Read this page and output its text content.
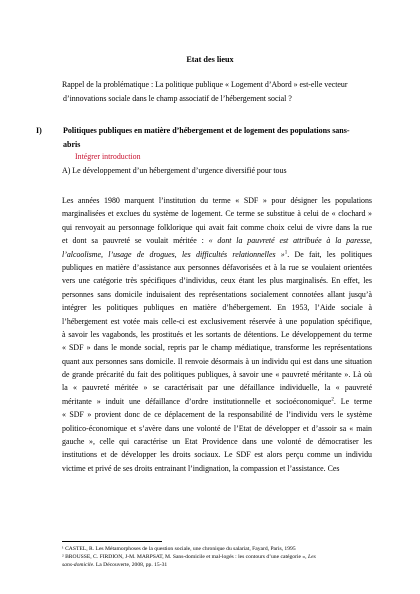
Etat des lieux
Rappel de la problématique : La politique publique « Logement d’Abord » est-elle vecteur
d’innovations sociale dans le champ associatif de l’hébergement social ?
I)	Politiques publiques en matière d’hébergement et de logement des populations sans-
abris
Intégrer introduction
A) Le développement d’un hébergement d’urgence diversifié pour tous
Les années 1980 marquent l’institution du terme « SDF » pour désigner les populations
marginalisées et exclues du système de logement. Ce terme se substitue à celui de « clochard »
qui renvoyait au personnage folklorique qui avait fait comme choix celui de vivre dans la rue
et dont sa pauvreté se voulait méritée : « dont la pauvreté est attribuée à la paresse,
l’alcoolisme, l’usage de drogues, les difficultés relationnelles »$^1$. De fait, les politiques
publiques en matière d’assistance aux personnes défavorisées et à la rue se voulaient orientées
vers une catégorie très spécifiques d’individus, ceux étant les plus marginalisés. En effet, les
personnes sans domicile induisaient des représentations socialement connotées allant jusqu’à
intégrer les politiques publiques en matière d’hébergement. En 1953, l’Aide sociale à
l’hébergement est votée mais celle-ci est exclusivement réservée à une population spécifique,
à savoir les vagabonds, les prostitués et les sortants de détentions. Le développement du terme
« SDF » dans le monde social, repris par le champ médiatique, transforme les représentations
quant aux personnes sans domicile. Il renvoie désormais à un individu qui est dans une situation
de grande précarité du fait des politiques publiques, à savoir une « pauvreté méritante ». Là où
la « pauvreté méritée » se caractérisait par une défaillance individuelle, la « pauvreté
méritante » induit une défaillance d’ordre institutionnelle et socioéconomique$^2$. Le terme
« SDF » provient donc de ce déplacement de la responsabilité de l’individu vers le système
politico-économique et s’avère dans une volonté de l’Etat de développer et d’assoir sa « main
gauche », celle qui caractérise un Etat Providence dans une volonté de démocratiser les
institutions et de développer les droits sociaux. Le SDF est alors perçu comme un individu
victime et privé de ses droits entrainant l’indignation, la compassion et l’assistance. Ces
¹ CASTEL, R. Les Métamorphoses de la question sociale, une chronique du salariat, Fayard, Paris, 1995
² BROUSSE, C. FIRDION, J-M. MARPSAT, M. Sans-domicile et mal-logés : les contours d’une catégorie », Les
sans-domicile. La Découverte, 2008, pp. 15-31
